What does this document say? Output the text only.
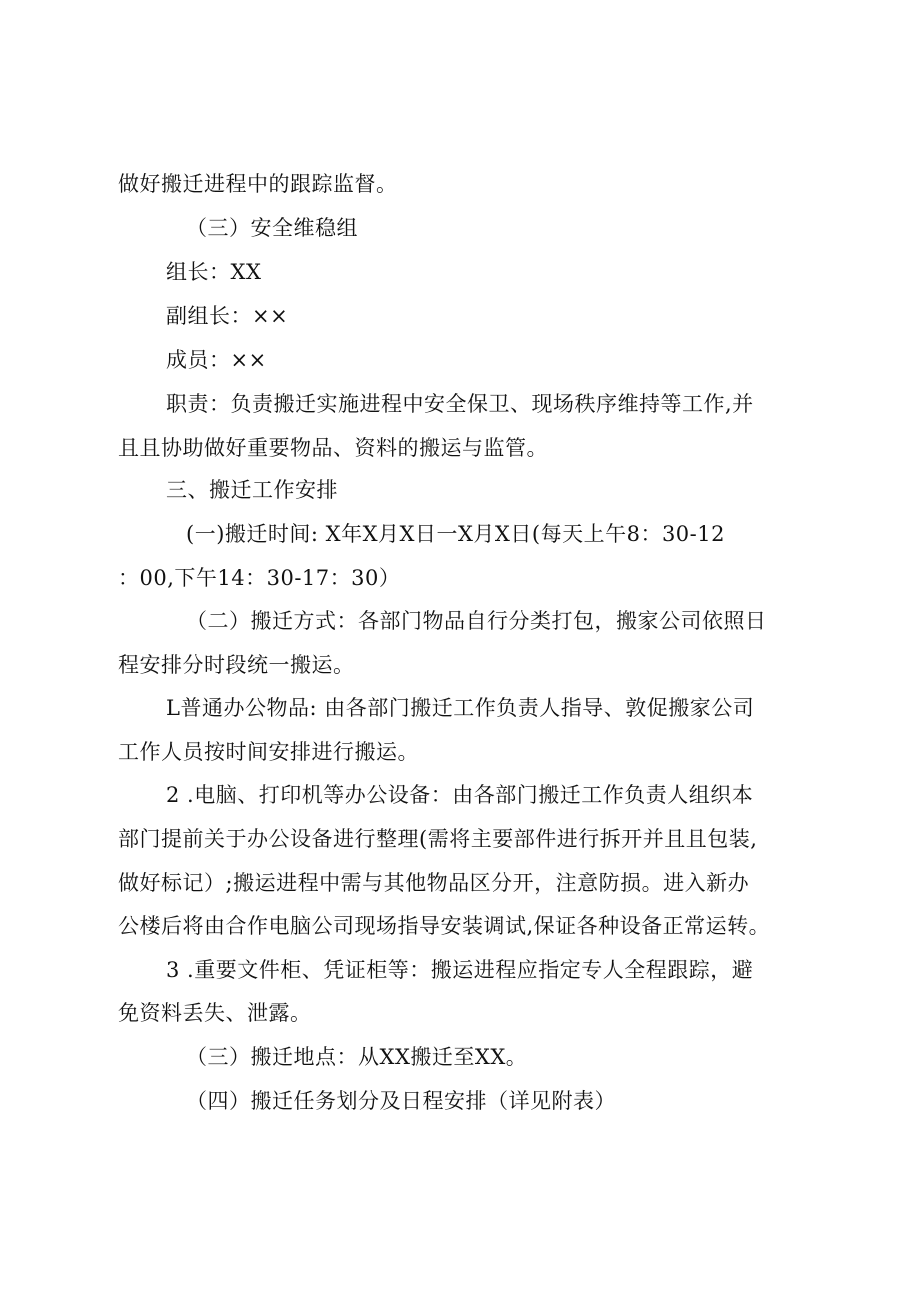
做好搬迁进程中的跟踪监督。
（三）安全维稳组
组长：XX
副组长：××
成员：××
职责：负责搬迁实施进程中安全保卫、现场秩序维持等工作,并
且且协助做好重要物品、资料的搬运与监管。
三、搬迁工作安排
(一)搬迁时间: X年X月X日一X月X日(每天上午8：30-12
：00,下午14：30-17：30）
（二）搬迁方式：各部门物品自行分类打包，搬家公司依照日
程安排分时段统一搬运。
L普通办公物品: 由各部门搬迁工作负责人指导、敦促搬家公司
工作人员按时间安排进行搬运。
2 .电脑、打印机等办公设备：由各部门搬迁工作负责人组织本
部门提前关于办公设备进行整理(需将主要部件进行拆开并且且包装,
做好标记）;搬运进程中需与其他物品区分开，注意防损。进入新办
公楼后将由合作电脑公司现场指导安装调试,保证各种设备正常运转。
3 .重要文件柜、凭证柜等：搬运进程应指定专人全程跟踪，避
免资料丢失、泄露。
（三）搬迁地点：从XX搬迁至XX。
（四）搬迁任务划分及日程安排（详见附表）
